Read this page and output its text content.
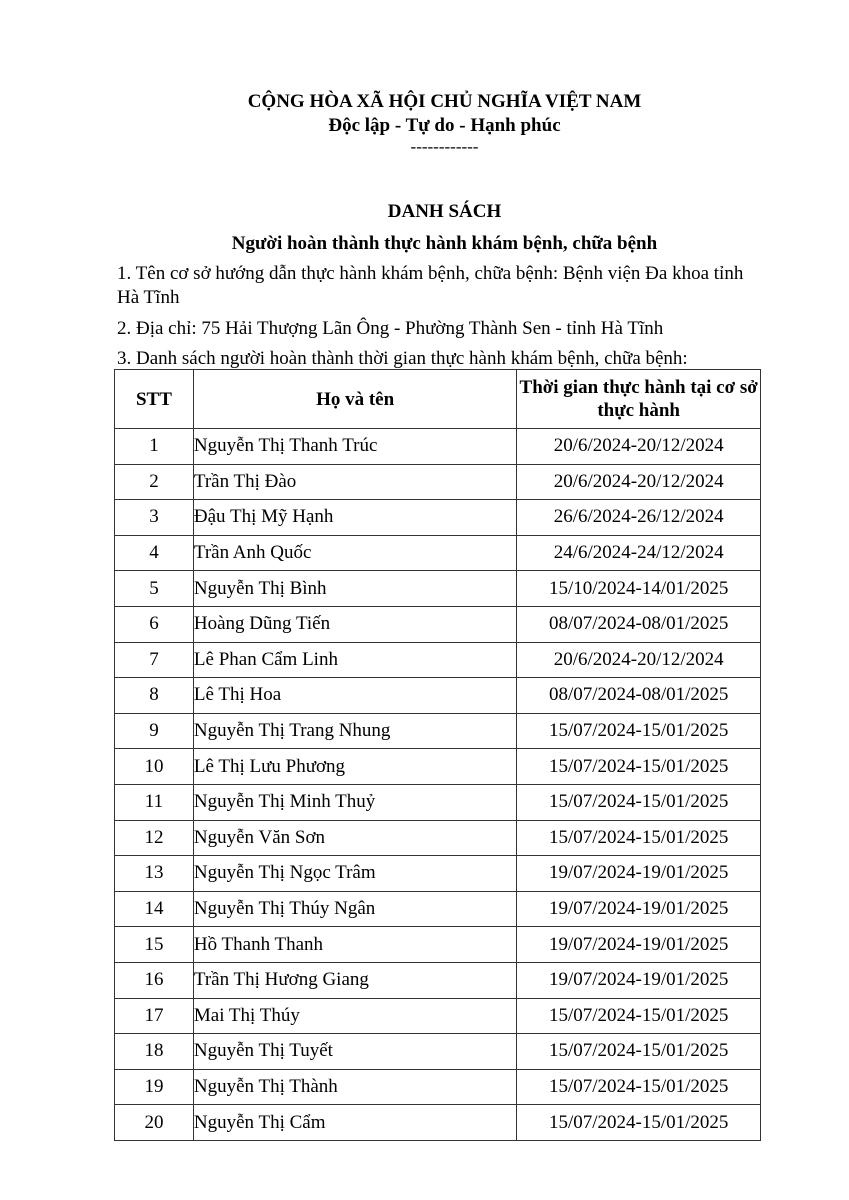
CỘNG HÒA XÃ HỘI CHỦ NGHĨA VIỆT NAM
Độc lập - Tự do - Hạnh phúc
------------
DANH SÁCH
Người hoàn thành thực hành khám bệnh, chữa bệnh
1. Tên cơ sở hướng dẫn thực hành khám bệnh, chữa bệnh: Bệnh viện Đa khoa tỉnh Hà Tĩnh
2. Địa chỉ: 75 Hải Thượng Lãn Ông - Phường Thành Sen - tỉnh Hà Tĩnh
3. Danh sách người hoàn thành thời gian thực hành khám bệnh, chữa bệnh:
STT	Họ và tên	Thời gian thực hành tại cơ sở thực hành
1	Nguyễn Thị Thanh Trúc	20/6/2024-20/12/2024
2	Trần Thị Đào	20/6/2024-20/12/2024
3	Đậu Thị Mỹ Hạnh	26/6/2024-26/12/2024
4	Trần Anh Quốc	24/6/2024-24/12/2024
5	Nguyễn Thị Bình	15/10/2024-14/01/2025
6	Hoàng Dũng Tiến	08/07/2024-08/01/2025
7	Lê Phan Cẩm Linh	20/6/2024-20/12/2024
8	Lê Thị Hoa	08/07/2024-08/01/2025
9	Nguyễn Thị Trang Nhung	15/07/2024-15/01/2025
10	Lê Thị Lưu Phương	15/07/2024-15/01/2025
11	Nguyễn Thị Minh Thuỷ	15/07/2024-15/01/2025
12	Nguyễn Văn Sơn	15/07/2024-15/01/2025
13	Nguyễn Thị Ngọc Trâm	19/07/2024-19/01/2025
14	Nguyễn Thị Thúy Ngân	19/07/2024-19/01/2025
15	Hồ Thanh Thanh	19/07/2024-19/01/2025
16	Trần Thị Hương Giang	19/07/2024-19/01/2025
17	Mai Thị Thúy	15/07/2024-15/01/2025
18	Nguyễn Thị Tuyết	15/07/2024-15/01/2025
19	Nguyễn Thị Thành	15/07/2024-15/01/2025
20	Nguyễn Thị Cẩm	15/07/2024-15/01/2025
